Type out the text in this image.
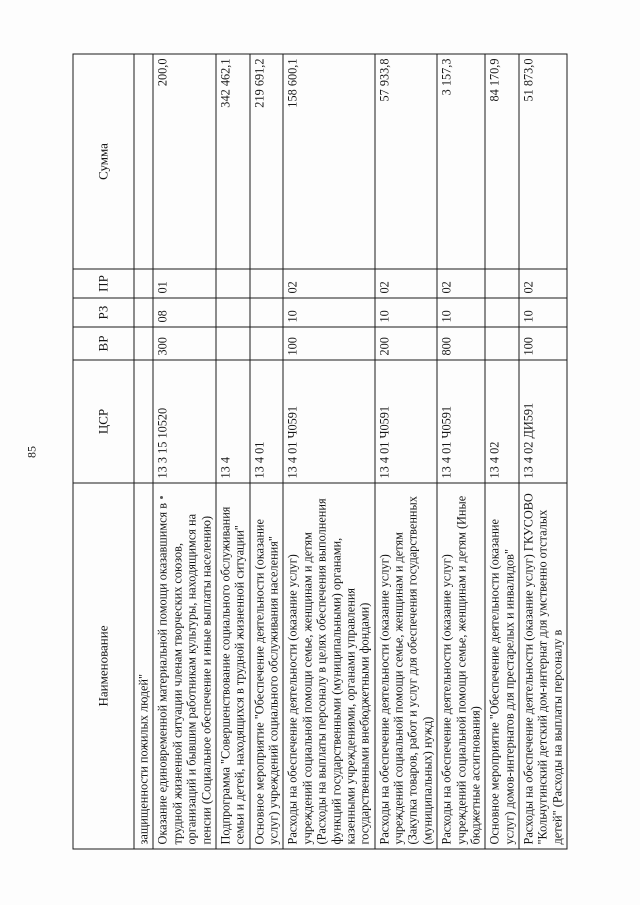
85
Наименование	ЦСР	ВР	РЗ	ПР	Сумма
защищенности пожилых людей"					
Оказание единовременной материальной помощи оказавшимся в трудной жизненной ситуации членам творческих союзов, организаций и бывшим работникам культуры, находящимся на пенсии (Социальное обеспечение и иные выплаты населению)	13 3 15 10520	300	08	01	200,0
Подпрограмма "Совершенствование социального обслуживания семьи и детей, находящихся в трудной жизненной ситуации"	13 4				342 462,1
Основное мероприятие "Обеспечение деятельности (оказание услуг) учреждений социального обслуживания населения"	13 4 01				219 691,2
Расходы на обеспечение деятельности (оказание услуг) учреждений социальной помощи семье, женщинам и детям (Расходы на выплаты персоналу в целях обеспечения выполнения функций государственными (муниципальными) органами, казенными учреждениями, органами управления государственными внебюджетными фондами)	13 4 01 Ч0591	100	10	02	158 600,1
Расходы на обеспечение деятельности (оказание услуг) учреждений социальной помощи семье, женщинам и детям (Закупка товаров, работ и услуг для обеспечения государственных (муниципальных) нужд)	13 4 01 Ч0591	200	10	02	57 933,8
Расходы на обеспечение деятельности (оказание услуг) учреждений социальной помощи семье, женщинам и детям (Иные бюджетные ассигнования)	13 4 01 Ч0591	800	10	02	3 157,3
Основное мероприятие "Обеспечение деятельности (оказание услуг) домов-интернатов для престарелых и инвалидов"	13 4 02				84 170,9
Расходы на обеспечение деятельности (оказание услуг) ГКУСОВО "Кольчугинский детский дом-интернат для умственно отсталых детей" (Расходы на выплаты персоналу в	13 4 02 ДИ591	100	10	02	51 873,0
